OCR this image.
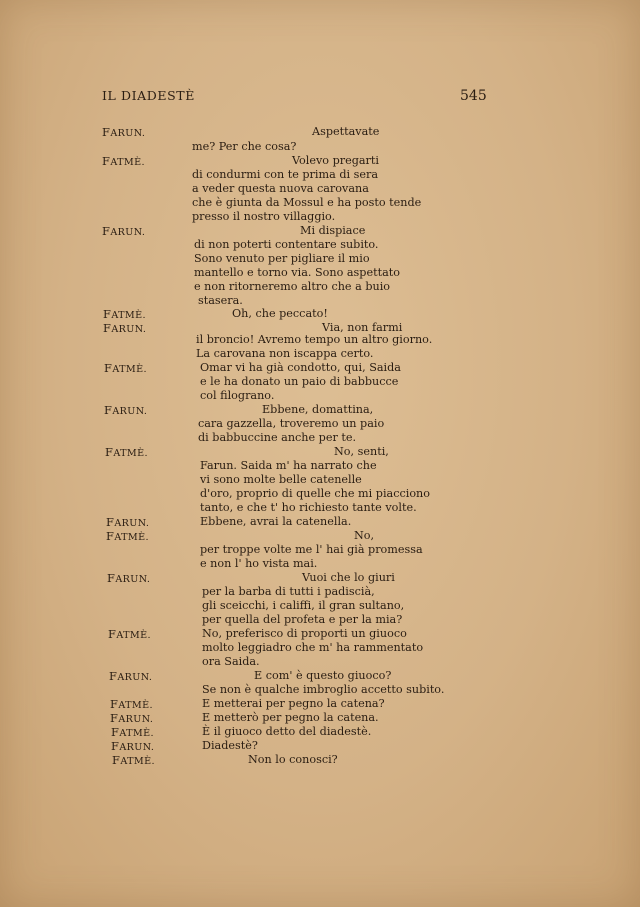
IL DIADESTÈ	545
FARUN.	Aspettavate
me? Per che cosa?
FATMÈ.	Volevo pregarti
di condurmi con te prima di sera
a veder questa nuova carovana
che è giunta da Mossul e ha posto tende
presso il nostro villaggio.
FARUN.	Mi dispiace
di non poterti contentare subito.
Sono venuto per pigliare il mio
mantello e torno via. Sono aspettato
e non ritorneremo altro che a buio
stasera.
FATMÈ.	Oh, che peccato!
FARUN.	Via, non farmi
il broncio! Avremo tempo un altro giorno.
La carovana non iscappa certo.
FATMÈ.	Omar vi ha già condotto, qui, Saida
e le ha donato un paio di babbucce
col filograno.
FARUN.	Ebbene, domattina,
cara gazzella, troveremo un paio
di babbuccine anche per te.
FATMÈ.	No, senti,
Farun. Saida m' ha narrato che
vi sono molte belle catenelle
d'oro, proprio di quelle che mi piacciono
tanto, e che t' ho richiesto tante volte.
FARUN.	Ebbene, avrai la catenella.
FATMÈ.	No,
per troppe volte me l' hai già promessa
e non l' ho vista mai.
FARUN.	Vuoi che lo giuri
per la barba di tutti i padiscià,
gli sceicchi, i califfi, il gran sultano,
per quella del profeta e per la mia?
FATMÈ.	No, preferisco di proporti un giuoco
molto leggiadro che m' ha rammentato
ora Saida.
FARUN.	E com' è questo giuoco?
Se non è qualche imbroglio accetto subito.
FATMÈ.	E metterai per pegno la catena?
FARUN.	E metterò per pegno la catena.
FATMÈ.	È il giuoco detto del diadestè.
FARUN.	Diadestè?
FATMÈ.	Non lo conosci?
